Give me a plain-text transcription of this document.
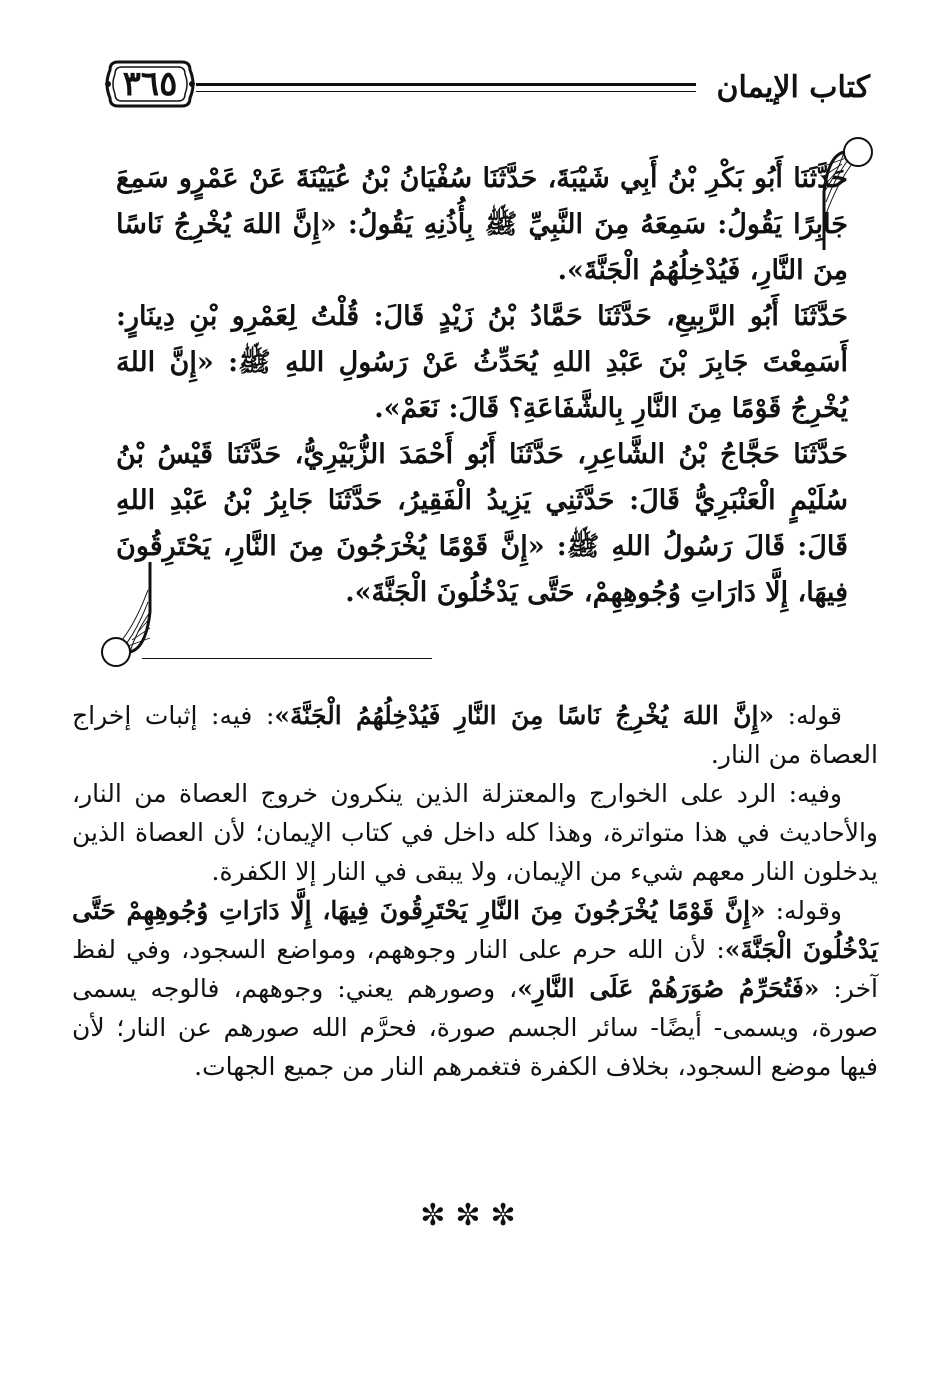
٣٦٥	كتاب الإيمان

حَدَّثَنَا أَبُو بَكْرِ بْنُ أَبِي شَيْبَةَ، حَدَّثَنَا سُفْيَانُ بْنُ عُيَيْنَةَ عَنْ عَمْرٍو سَمِعَ جَابِرًا يَقُولُ: سَمِعَهُ مِنَ النَّبِيِّ ﷺ بِأُذُنِهِ يَقُولُ: «إِنَّ اللهَ يُخْرِجُ نَاسًا مِنَ النَّارِ، فَيُدْخِلُهُمُ الْجَنَّةَ».

حَدَّثَنَا أَبُو الرَّبِيعِ، حَدَّثَنَا حَمَّادُ بْنُ زَيْدٍ قَالَ: قُلْتُ لِعَمْرِو بْنِ دِينَارٍ: أَسَمِعْتَ جَابِرَ بْنَ عَبْدِ اللهِ يُحَدِّثُ عَنْ رَسُولِ اللهِ ﷺ: «إِنَّ اللهَ يُخْرِجُ قَوْمًا مِنَ النَّارِ بِالشَّفَاعَةِ؟ قَالَ: نَعَمْ».

حَدَّثَنَا حَجَّاجُ بْنُ الشَّاعِرِ، حَدَّثَنَا أَبُو أَحْمَدَ الزُّبَيْرِيُّ، حَدَّثَنَا قَيْسُ بْنُ سُلَيْمٍ الْعَنْبَرِيُّ قَالَ: حَدَّثَنِي يَزِيدُ الْفَقِيرُ، حَدَّثَنَا جَابِرُ بْنُ عَبْدِ اللهِ قَالَ: قَالَ رَسُولُ اللهِ ﷺ: «إِنَّ قَوْمًا يُخْرَجُونَ مِنَ النَّارِ، يَحْتَرِقُونَ فِيهَا، إِلَّا دَارَاتِ وُجُوهِهِمْ، حَتَّى يَدْخُلُونَ الْجَنَّةَ».

قوله: «إِنَّ اللهَ يُخْرِجُ نَاسًا مِنَ النَّارِ فَيُدْخِلُهُمُ الْجَنَّةَ»: فيه: إثبات إخراج العصاة من النار.

وفيه: الرد على الخوارج والمعتزلة الذين ينكرون خروج العصاة من النار، والأحاديث في هذا متواترة، وهذا كله داخل في كتاب الإيمان؛ لأن العصاة الذين يدخلون النار معهم شيء من الإيمان، ولا يبقى في النار إلا الكفرة.

وقوله: «إِنَّ قَوْمًا يُخْرَجُونَ مِنَ النَّارِ يَحْتَرِقُونَ فِيهَا، إِلَّا دَارَاتِ وُجُوهِهِمْ حَتَّى يَدْخُلُونَ الْجَنَّةَ»: لأن الله حرم على النار وجوههم، ومواضع السجود، وفي لفظ آخر: «فَتُحَرِّمُ صُوَرَهُمْ عَلَى النَّارِ»، وصورهم يعني: وجوههم، فالوجه يسمى صورة، ويسمى- أيضًا- سائر الجسم صورة، فحرَّم الله صورهم عن النار؛ لأن فيها موضع السجود، بخلاف الكفرة فتغمرهم النار من جميع الجهات.

✼✼✼
